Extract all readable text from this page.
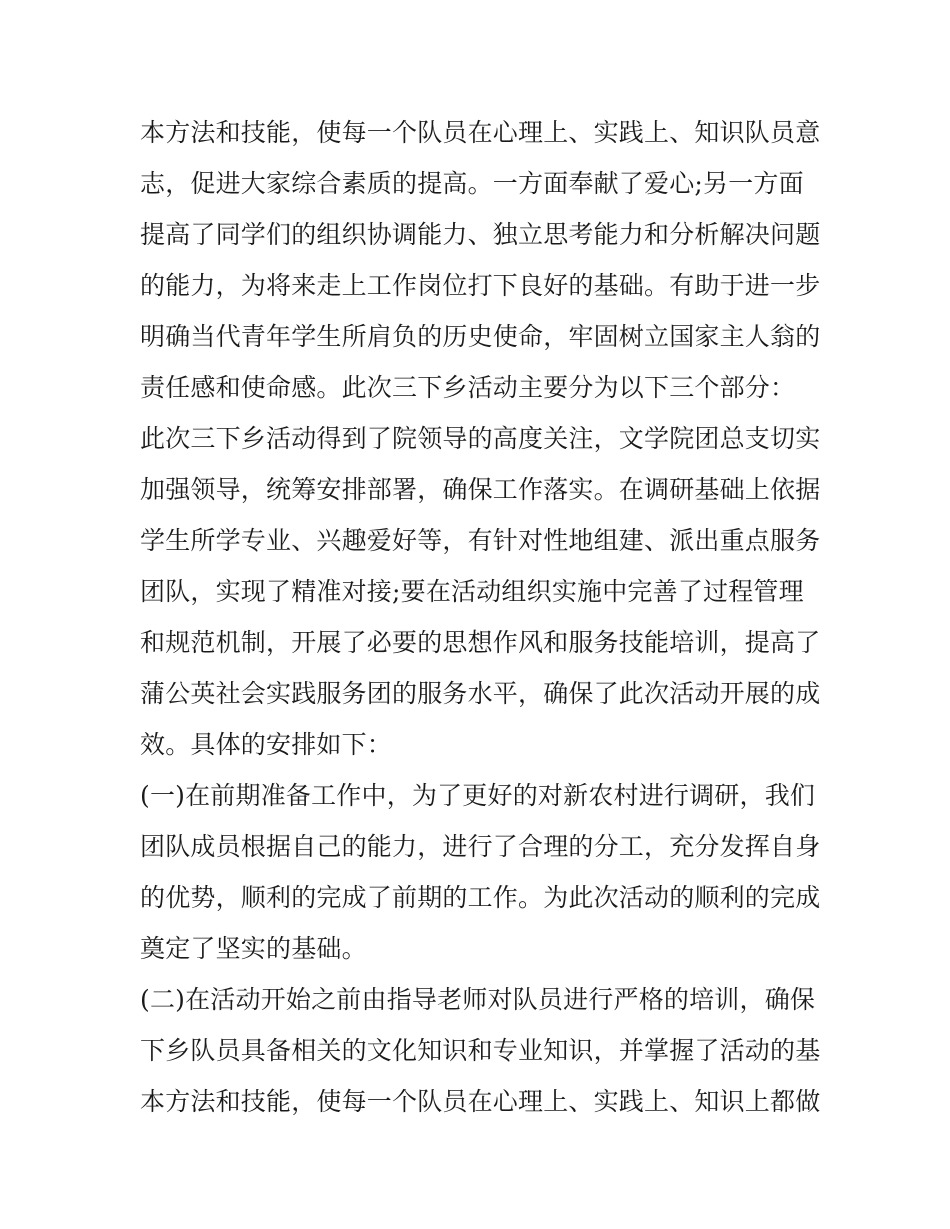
本方法和技能，使每一个队员在心理上、实践上、知识队员意
志，促进大家综合素质的提高。一方面奉献了爱心;另一方面
提高了同学们的组织协调能力、独立思考能力和分析解决问题
的能力，为将来走上工作岗位打下良好的基础。有助于进一步
明确当代青年学生所肩负的历史使命，牢固树立国家主人翁的
责任感和使命感。此次三下乡活动主要分为以下三个部分：
此次三下乡活动得到了院领导的高度关注，文学院团总支切实
加强领导，统筹安排部署，确保工作落实。在调研基础上依据
学生所学专业、兴趣爱好等，有针对性地组建、派出重点服务
团队，实现了精准对接;要在活动组织实施中完善了过程管理
和规范机制，开展了必要的思想作风和服务技能培训，提高了
蒲公英社会实践服务团的服务水平，确保了此次活动开展的成
效。具体的安排如下：
(一)在前期准备工作中，为了更好的对新农村进行调研，我们
团队成员根据自己的能力，进行了合理的分工，充分发挥自身
的优势，顺利的完成了前期的工作。为此次活动的顺利的完成
奠定了坚实的基础。
(二)在活动开始之前由指导老师对队员进行严格的培训，确保
下乡队员具备相关的文化知识和专业知识，并掌握了活动的基
本方法和技能，使每一个队员在心理上、实践上、知识上都做
